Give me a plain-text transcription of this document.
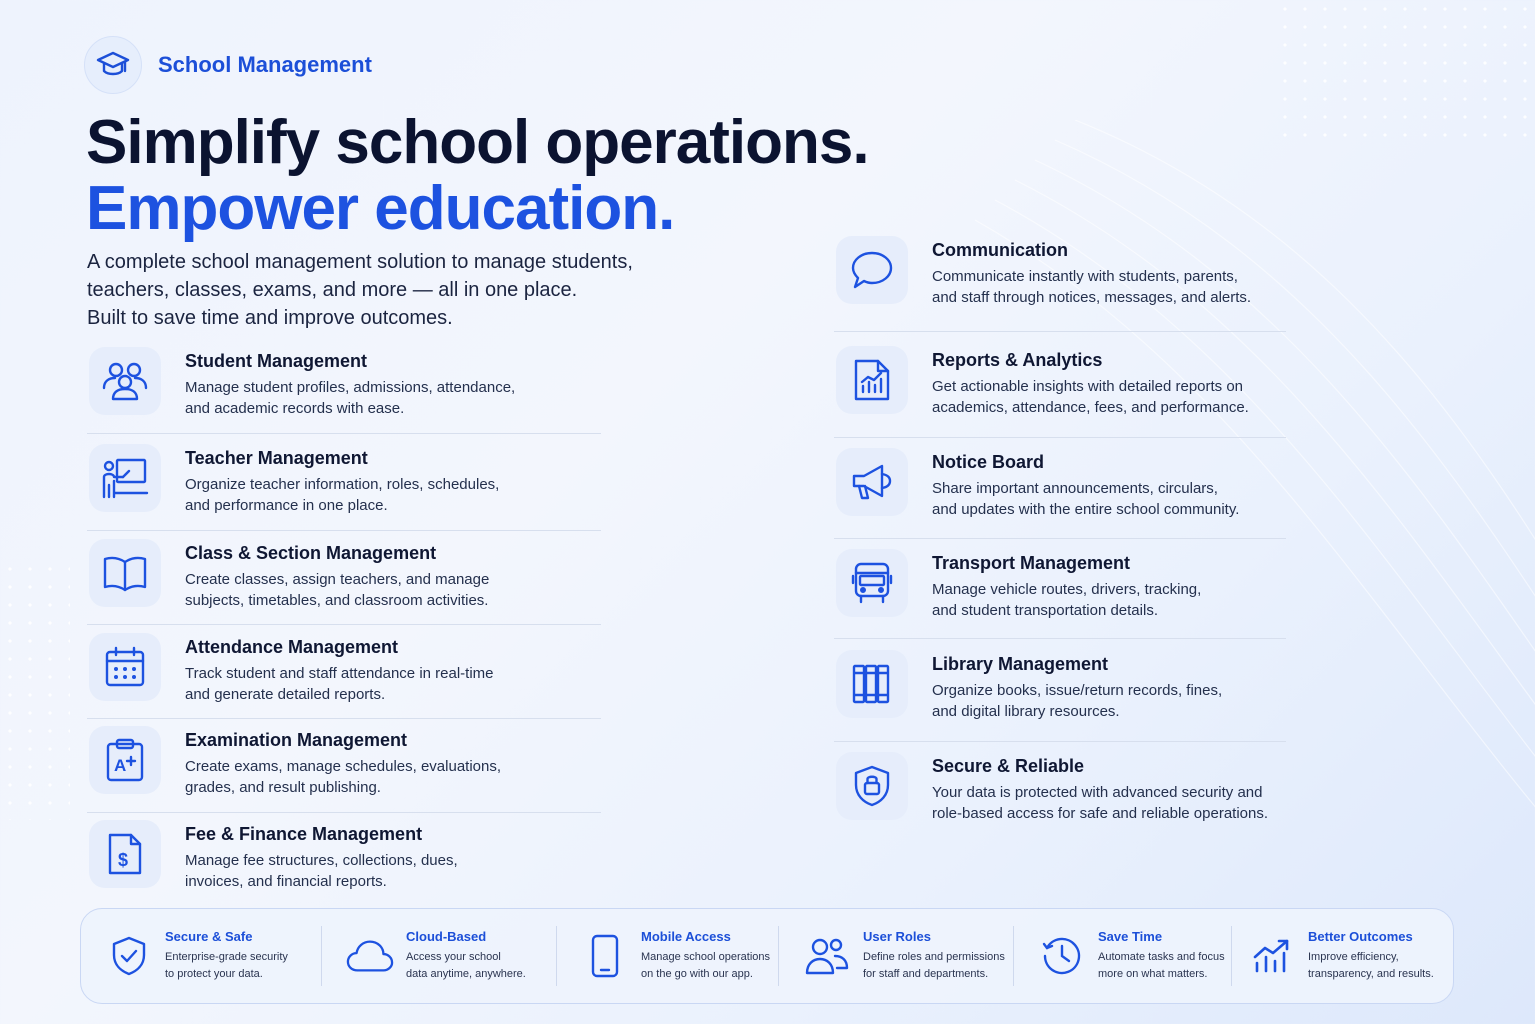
School Management
Simplify school operations.
Empower education.
A complete school management solution to manage students,
teachers, classes, exams, and more — all in one place.
Built to save time and improve outcomes.
Student Management
Manage student profiles, admissions, attendance,
and academic records with ease.
Teacher Management
Organize teacher information, roles, schedules,
and performance in one place.
Class & Section Management
Create classes, assign teachers, and manage
subjects, timetables, and classroom activities.
Attendance Management
Track student and staff attendance in real-time
and generate detailed reports.
A
Examination Management
Create exams, manage schedules, evaluations,
grades, and result publishing.
$
Fee & Finance Management
Manage fee structures, collections, dues,
invoices, and financial reports.
Communication
Communicate instantly with students, parents,
and staff through notices, messages, and alerts.
Reports & Analytics
Get actionable insights with detailed reports on
academics, attendance, fees, and performance.
Notice Board
Share important announcements, circulars,
and updates with the entire school community.
Transport Management
Manage vehicle routes, drivers, tracking,
and student transportation details.
Library Management
Organize books, issue/return records, fines,
and digital library resources.
Secure & Reliable
Your data is protected with advanced security and
role-based access for safe and reliable operations.
Secure & Safe
Enterprise-grade security
to protect your data.
Cloud-Based
Access your school
data anytime, anywhere.
Mobile Access
Manage school operations
on the go with our app.
User Roles
Define roles and permissions
for staff and departments.
Save Time
Automate tasks and focus
more on what matters.
Better Outcomes
Improve efficiency,
transparency, and results.
